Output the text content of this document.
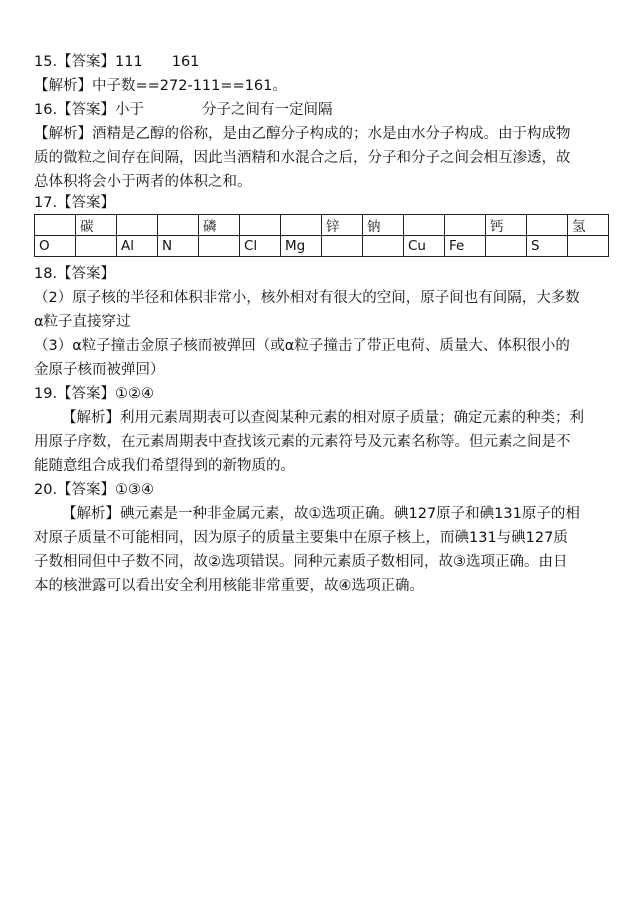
15.【答案】111　　161
【解析】中子数==272-111==161。
16.【答案】小于　　　　分子之间有一定间隔
【解析】酒精是乙醇的俗称，是由乙醇分子构成的；水是由水分子构成。由于构成物
质的微粒之间存在间隔，因此当酒精和水混合之后，分子和分子之间会相互渗透，故
总体积将会小于两者的体积之和。
17.【答案】
	碳			磷			锌	钠			钙		氢
O		Al	N		Cl	Mg			Cu	Fe		S	
18.【答案】
（2）原子核的半径和体积非常小，核外相对有很大的空间，原子间也有间隔，大多数
α粒子直接穿过
（3）α粒子撞击金原子核而被弹回（或α粒子撞击了带正电荷、质量大、体积很小的
金原子核而被弹回）
19.【答案】①②④
【解析】利用元素周期表可以查阅某种元素的相对原子质量；确定元素的种类；利
用原子序数，在元素周期表中查找该元素的元素符号及元素名称等。但元素之间是不
能随意组合成我们希望得到的新物质的。
20.【答案】①③④
【解析】碘元素是一种非金属元素，故①选项正确。碘127原子和碘131原子的相
对原子质量不可能相同，因为原子的质量主要集中在原子核上，而碘131与碘127质
子数相同但中子数不同，故②选项错误。同种元素质子数相同，故③选项正确。由日
本的核泄露可以看出安全利用核能非常重要，故④选项正确。
